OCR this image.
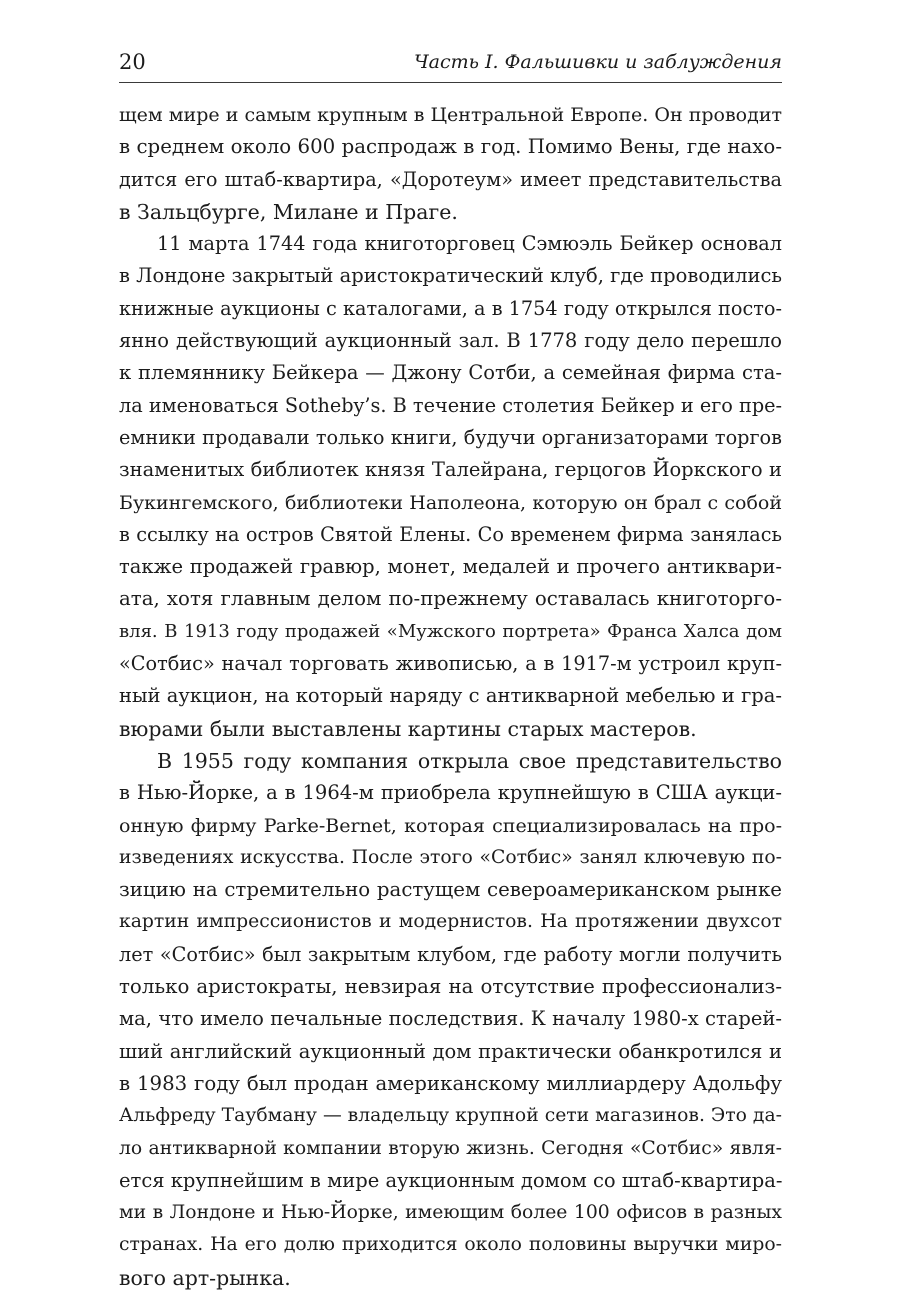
20	Часть I. Фальшивки и заблуждения
щем мире и самым крупным в Центральной Европе. Он проводит
в среднем около 600 распродаж в год. Помимо Вены, где нахо-
дится его штаб-квартира, «Доротеум» имеет представительства
в Зальцбурге, Милане и Праге.
11 марта 1744 года книготорговец Сэмюэль Бейкер основал
в Лондоне закрытый аристократический клуб, где проводились
книжные аукционы с каталогами, а в 1754 году открылся посто-
янно действующий аукционный зал. В 1778 году дело перешло
к племяннику Бейкера — Джону Сотби, а семейная фирма ста-
ла именоваться Sotheby’s. В течение столетия Бейкер и его пре-
емники продавали только книги, будучи организаторами торгов
знаменитых библиотек князя Талейрана, герцогов Йоркского и
Букингемского, библиотеки Наполеона, которую он брал с собой
в ссылку на остров Святой Елены. Со временем фирма занялась
также продажей гравюр, монет, медалей и прочего антиквари-
ата, хотя главным делом по-прежнему оставалась книготорго-
вля. В 1913 году продажей «Мужского портрета» Франса Халса дом
«Сотбис» начал торговать живописью, а в 1917-м устроил круп-
ный аукцион, на который наряду с антикварной мебелью и гра-
вюрами были выставлены картины старых мастеров.
В 1955 году компания открыла свое представительство
в Нью-Йорке, а в 1964-м приобрела крупнейшую в США аукци-
онную фирму Parke-Bernet, которая специализировалась на про-
изведениях искусства. После этого «Сотбис» занял ключевую по-
зицию на стремительно растущем североамериканском рынке
картин импрессионистов и модернистов. На протяжении двухсот
лет «Сотбис» был закрытым клубом, где работу могли получить
только аристократы, невзирая на отсутствие профессионализ-
ма, что имело печальные последствия. К началу 1980-х старей-
ший английский аукционный дом практически обанкротился и
в 1983 году был продан американскому миллиардеру Адольфу
Альфреду Таубману — владельцу крупной сети магазинов. Это да-
ло антикварной компании вторую жизнь. Сегодня «Сотбис» явля-
ется крупнейшим в мире аукционным домом со штаб-квартира-
ми в Лондоне и Нью-Йорке, имеющим более 100 офисов в разных
странах. На его долю приходится около половины выручки миро-
вого арт-рынка.
